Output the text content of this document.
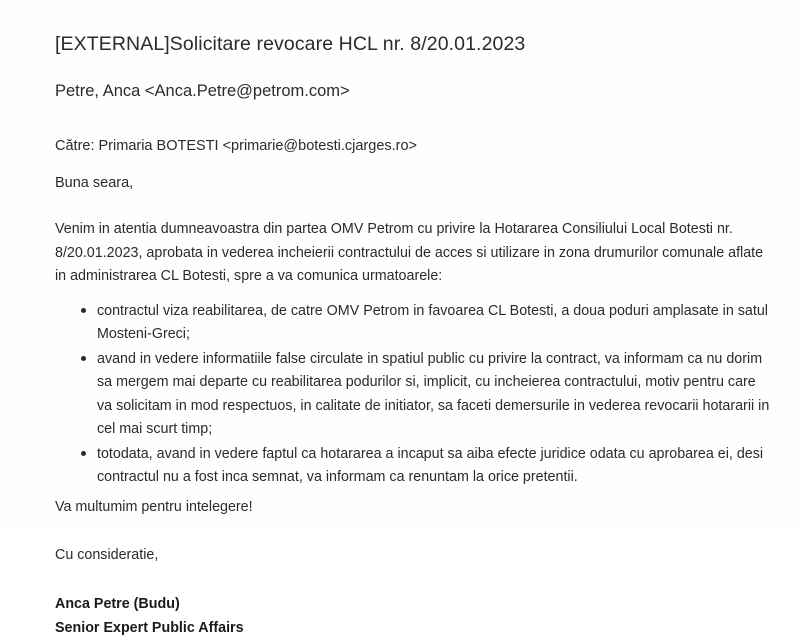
[EXTERNAL]Solicitare revocare HCL nr. 8/20.01.2023
Petre, Anca <Anca.Petre@petrom.com>
Către: Primaria BOTESTI <primarie@botesti.cjarges.ro>
Buna seara,
Venim in atentia dumneavoastra din partea OMV Petrom cu privire la Hotararea Consiliului Local Botesti nr. 8/20.01.2023, aprobata in vederea incheierii contractului de acces si utilizare in zona drumurilor comunale aflate in administrarea CL Botesti, spre a va comunica urmatoarele:
contractul viza reabilitarea, de catre OMV Petrom in favoarea CL Botesti, a doua poduri amplasate in satul Mosteni-Greci;
avand in vedere informatiile false circulate in spatiul public cu privire la contract, va informam ca nu dorim sa mergem mai departe cu reabilitarea podurilor si, implicit, cu incheierea contractului, motiv pentru care va solicitam in mod respectuos, in calitate de initiator, sa faceti demersurile in vederea revocarii hotararii in cel mai scurt timp;
totodata, avand in vedere faptul ca hotararea a incaput sa aiba efecte juridice odata cu aprobarea ei, desi contractul nu a fost inca semnat, va informam ca renuntam la orice pretentii.
Va multumim pentru intelegere!
Cu consideratie,
Anca Petre (Budu)
Senior Expert Public Affairs
